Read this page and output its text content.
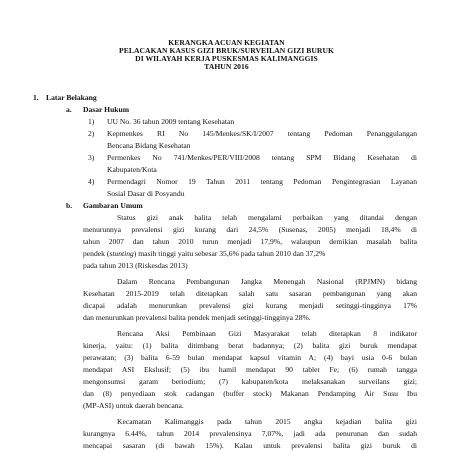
KERANGKA ACUAN KEGIATAN
PELACAKAN KASUS GIZI BRUK/SURVEILAN GIZI BURUK
DI WILAYAH KERJA PUSKESMAS KALIMANGGIS
TAHUN 2016
1. Latar Belakang
a. Dasar Hukum
1) UU No. 36 tahun 2009 tentang Kesehatan
2) Kepmenkes RI No 145/Menkes/SK/I/2007 tentang Pedoman Penanggulangan
Bencana Bidang Kesehatan
3) Permenkes No 741/Menkes/PER/VIII/2008 tentang SPM Bidang Kesehatan di
Kabupaten/Kota
4) Permendagri Nomor 19 Tahun 2011 tentang Pedoman Pengintegrasian Layanan
Sosial Dasar di Posyandu
b. Gambaran Umum
Status gizi anak balita telah mengalami perbaikan yang ditandai dengan
menurunnya prevalensi gizi kurang dari 24,5% (Susenas, 2005) menjadi 18,4% di
tahun 2007 dan tahun 2010 turun menjadi 17,9%, walaupun demikian masalah balita
pendek (stunting) masih tinggi yaitu sebesar 35,6% pada tahun 2010 dan 37,2%
pada tahun 2013 (Riskesdas 2013)
Dalam Rencana Pembangunan Jangka Menengah Nasional (RPJMN) bidang
Kesehatan 2015-2019 telah ditetapkan salah satu sasaran pembangunan yang akan
dicapai adalah menurunkan prevalensi gizi kurang menjadi setinggi-tingginya 17%
dan menurunkan prevalensi balita pendek menjadi setinggi-tingginya 28%.
Rencana Aksi Pembinaan Gizi Masyarakat telah ditetapkan 8 indikator
kinerja, yaitu: (1) balita ditimbang berat badannya; (2) balita gizi buruk mendapat
perawatan; (3) balita 6-59 bulan mendapat kapsul vitamin A; (4) bayi usia 0-6 bulan
mendapat ASI Ekslusif; (5) ibu hamil mendapat 90 tablet Fe; (6) rumah tangga
mengonsumsi garam beriodium; (7) kabupaten/kota melaksanakan surveilans gizi;
dan (8) penyediaan stok cadangan (buffer stock) Makanan Pendamping Air Susu Ibu
(MP-ASI) untuk daerah bencana.
Kecamatan Kalimanggis pada tahun 2015 angka kejadian balita gizi
kurangnya 6.44%, tahun 2014 prevalensinya 7,07%, jadi ada penurunan dan sudah
mencapai sasaran (di bawah 15%). Kalau untuk prevalensi balita gizi buruk di
